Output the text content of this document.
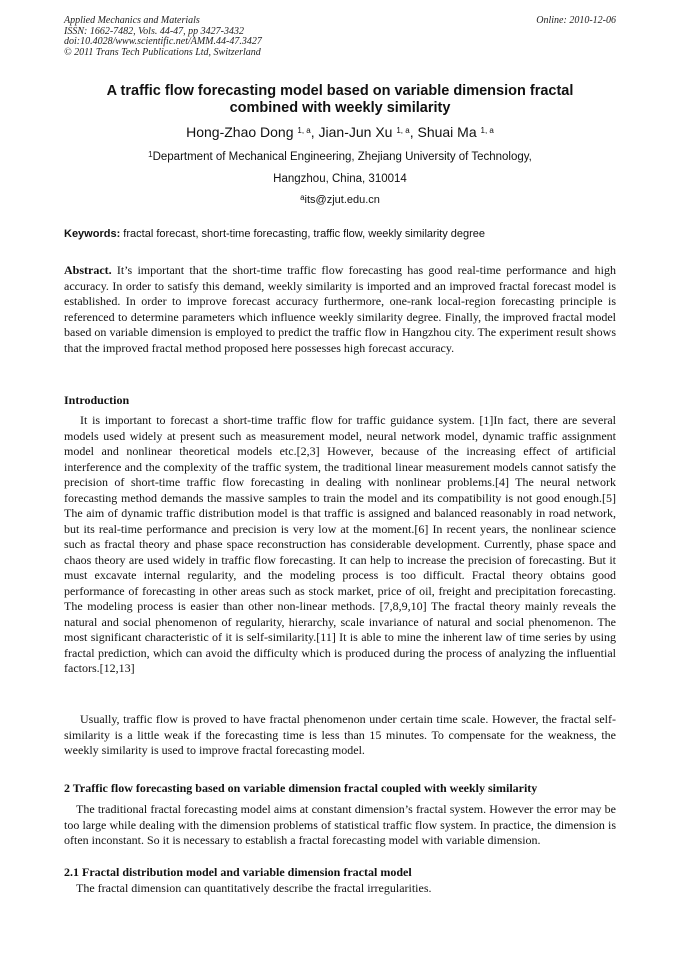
Applied Mechanics and Materials
ISSN: 1662-7482, Vols. 44-47, pp 3427-3432
doi:10.4028/www.scientific.net/AMM.44-47.3427
© 2011 Trans Tech Publications Ltd, Switzerland
Online: 2010-12-06
A traffic flow forecasting model based on variable dimension fractal
combined with weekly similarity
Hong-Zhao Dong $^{1, a}$, Jian-Jun Xu $^{1, a}$, Shuai Ma $^{1, a}$
$^1$Department of Mechanical Engineering, Zhejiang University of Technology,
Hangzhou, China, 310014
$^a$its@zjut.edu.cn
Keywords: fractal forecast, short-time forecasting, traffic flow, weekly similarity degree
Abstract. It’s important that the short-time traffic flow forecasting has good real-time performance and high accuracy. In order to satisfy this demand, weekly similarity is imported and an improved fractal forecast model is established. In order to improve forecast accuracy furthermore, one-rank local-region forecasting principle is referenced to determine parameters which influence weekly similarity degree. Finally, the improved fractal model based on variable dimension is employed to predict the traffic flow in Hangzhou city. The experiment result shows that the improved fractal method proposed here possesses high forecast accuracy.
Introduction
It is important to forecast a short-time traffic flow for traffic guidance system. [1]In fact, there are several models used widely at present such as measurement model, neural network model, dynamic traffic assignment model and nonlinear theoretical models etc.[2,3] However, because of the increasing effect of artificial interference and the complexity of the traffic system, the traditional linear measurement models cannot satisfy the precision of short-time traffic flow forecasting in dealing with nonlinear problems.[4] The neural network forecasting method demands the massive samples to train the model and its compatibility is not good enough.[5] The aim of dynamic traffic distribution model is that traffic is assigned and balanced reasonably in road network, but its real-time performance and precision is very low at the moment.[6] In recent years, the nonlinear science such as fractal theory and phase space reconstruction has considerable development. Currently, phase space and chaos theory are used widely in traffic flow forecasting. It can help to increase the precision of forecasting. But it must excavate internal regularity, and the modeling process is too difficult. Fractal theory obtains good performance of forecasting in other areas such as stock market, price of oil, freight and precipitation forecasting. The modeling process is easier than other non-linear methods. [7,8,9,10] The fractal theory mainly reveals the natural and social phenomenon of regularity, hierarchy, scale invariance of natural and social phenomenon. The most significant characteristic of it is self-similarity.[11] It is able to mine the inherent law of time series by using fractal prediction, which can avoid the difficulty which is produced during the process of analyzing the influential factors.[12,13]
Usually, traffic flow is proved to have fractal phenomenon under certain time scale. However, the fractal self-similarity is a little weak if the forecasting time is less than 15 minutes. To compensate for the weakness, the weekly similarity is used to improve fractal forecasting model.
2 Traffic flow forecasting based on variable dimension fractal coupled with weekly similarity
The traditional fractal forecasting model aims at constant dimension’s fractal system. However the error may be too large while dealing with the dimension problems of statistical traffic flow system. In practice, the dimension is often inconstant. So it is necessary to establish a fractal forecasting model with variable dimension.
2.1 Fractal distribution model and variable dimension fractal model
The fractal dimension can quantitatively describe the fractal irregularities.
